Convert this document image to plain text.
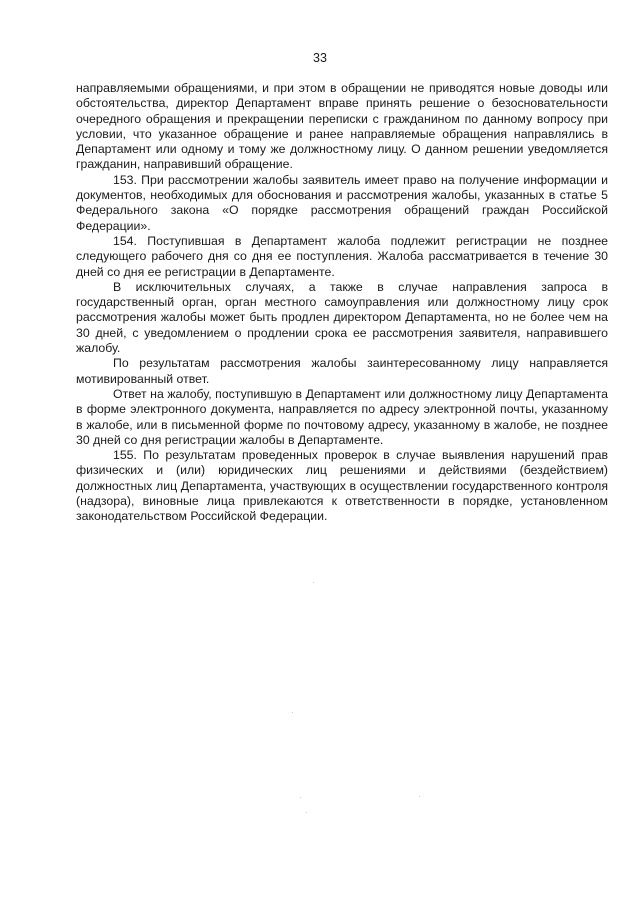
33

направляемыми обращениями, и при этом в обращении не приводятся новые доводы или обстоятельства, директор Департамент вправе принять решение о безосновательности очередного обращения и прекращении переписки с гражданином по данному вопросу при условии, что указанное обращение и ранее направляемые обращения направлялись в Департамент или одному и тому же должностному лицу. О данном решении уведомляется гражданин, направивший обращение.

153. При рассмотрении жалобы заявитель имеет право на получение информации и документов, необходимых для обоснования и рассмотрения жалобы, указанных в статье 5 Федерального закона «О порядке рассмотрения обращений граждан Российской Федерации».

154. Поступившая в Департамент жалоба подлежит регистрации не позднее следующего рабочего дня со дня ее поступления. Жалоба рассматривается в течение 30 дней со дня ее регистрации в Департаменте.

В исключительных случаях, а также в случае направления запроса в государственный орган, орган местного самоуправления или должностному лицу срок рассмотрения жалобы может быть продлен директором Департамента, но не более чем на 30 дней, с уведомлением о продлении срока ее рассмотрения заявителя, направившего жалобу.

По результатам рассмотрения жалобы заинтересованному лицу направляется мотивированный ответ.

Ответ на жалобу, поступившую в Департамент или должностному лицу Департамента в форме электронного документа, направляется по адресу электронной почты, указанному в жалобе, или в письменной форме по почтовому адресу, указанному в жалобе, не позднее 30 дней со дня регистрации жалобы в Департаменте.

155. По результатам проведенных проверок в случае выявления нарушений прав физических и (или) юридических лиц решениями и действиями (бездействием) должностных лиц Департамента, участвующих в осуществлении государственного контроля (надзора), виновные лица привлекаются к ответственности в порядке, установленном законодательством Российской Федерации.
